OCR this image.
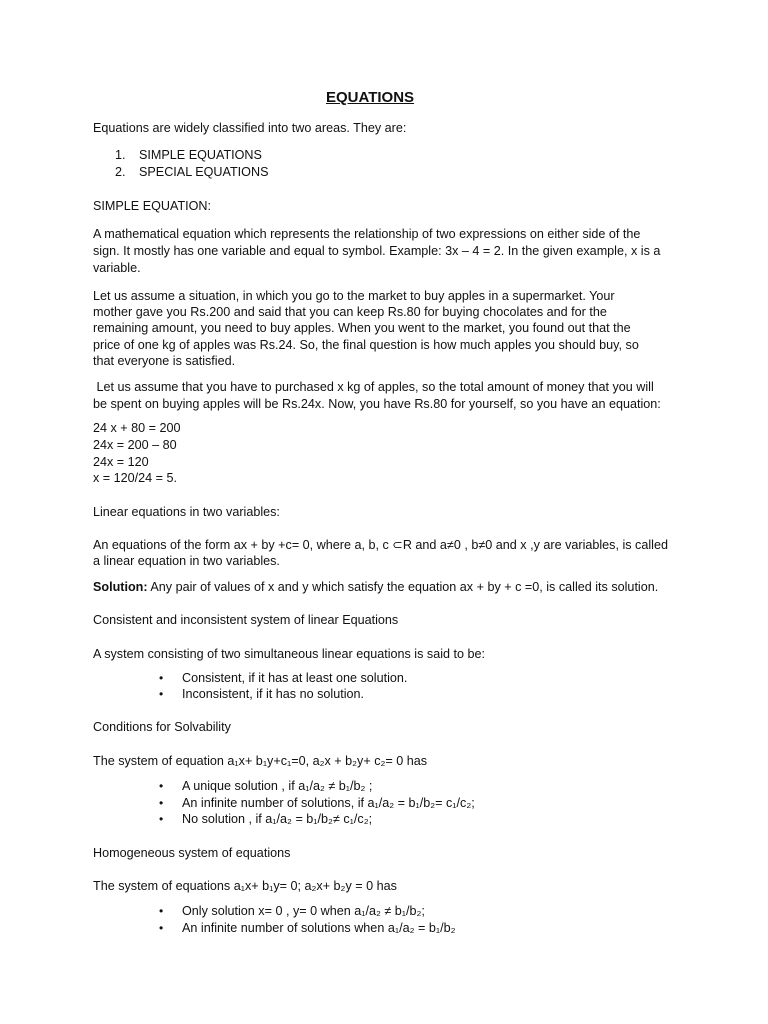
EQUATIONS
Equations are widely classified into two areas. They are:
1. SIMPLE EQUATIONS
2. SPECIAL EQUATIONS
SIMPLE EQUATION:
A mathematical equation which represents the relationship of two expressions on either side of the
sign. It mostly has one variable and equal to symbol. Example: 3x – 4 = 2. In the given example, x is a
variable.
Let us assume a situation, in which you go to the market to buy apples in a supermarket. Your
mother gave you Rs.200 and said that you can keep Rs.80 for buying chocolates and for the
remaining amount, you need to buy apples. When you went to the market, you found out that the
price of one kg of apples was Rs.24. So, the final question is how much apples you should buy, so
that everyone is satisfied.
Let us assume that you have to purchased x kg of apples, so the total amount of money that you will
be spent on buying apples will be Rs.24x. Now, you have Rs.80 for yourself, so you have an equation:
24 x + 80 = 200
24x = 200 – 80
24x = 120
x = 120/24 = 5.
Linear equations in two variables:
An equations of the form ax + by +c= 0, where a, b, c ⊂R and a≠0 , b≠0 and x ,y are variables, is called
a linear equation in two variables.
Solution: Any pair of values of x and y which satisfy the equation ax + by + c =0, is called its solution.
Consistent and inconsistent system of linear Equations
A system consisting of two simultaneous linear equations is said to be:
• Consistent, if it has at least one solution.
• Inconsistent, if it has no solution.
Conditions for Solvability
The system of equation a₁x+ b₁y+c₁=0, a₂x + b₂y+ c₂= 0 has
• A unique solution , if a₁/a₂ ≠ b₁/b₂ ;
• An infinite number of solutions, if a₁/a₂ = b₁/b₂= c₁/c₂;
• No solution , if a₁/a₂ = b₁/b₂≠ c₁/c₂;
Homogeneous system of equations
The system of equations a₁x+ b₁y= 0; a₂x+ b₂y = 0 has
• Only solution x= 0 , y= 0 when a₁/a₂ ≠ b₁/b₂;
• An infinite number of solutions when a₁/a₂ = b₁/b₂
